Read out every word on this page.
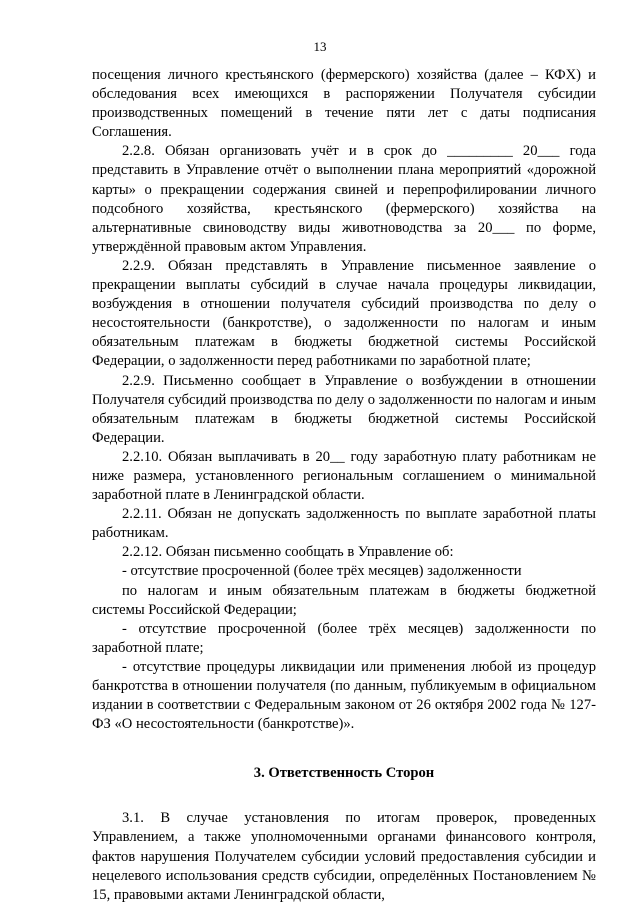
13

посещения личного крестьянского (фермерского) хозяйства (далее – КФХ) и обследования всех имеющихся в распоряжении Получателя субсидии производственных помещений в течение пяти лет с даты подписания Соглашения.

2.2.8. Обязан организовать учёт и в срок до _________ 20___ года представить в Управление отчёт о выполнении плана мероприятий «дорожной карты» о прекращении содержания свиней и перепрофилировании личного подсобного хозяйства, крестьянского (фермерского) хозяйства на альтернативные свиноводству виды животноводства за 20___ по форме, утверждённой правовым актом Управления.

2.2.9. Обязан представлять в Управление письменное заявление о прекращении выплаты субсидий в случае начала процедуры ликвидации, возбуждения в отношении получателя субсидий производства по делу о несостоятельности (банкротстве), о задолженности по налогам и иным обязательным платежам в бюджеты бюджетной системы Российской Федерации, о задолженности перед работниками по заработной плате;

2.2.9. Письменно сообщает в Управление о возбуждении в отношении Получателя субсидий производства по делу о задолженности по налогам и иным обязательным платежам в бюджеты бюджетной системы Российской Федерации.

2.2.10. Обязан выплачивать в 20__ году заработную плату работникам не ниже размера, установленного региональным соглашением о минимальной заработной плате в Ленинградской области.

2.2.11. Обязан не допускать задолженность по выплате заработной платы работникам.

2.2.12. Обязан письменно сообщать в Управление об:

- отсутствие просроченной (более трёх месяцев) задолженности

по налогам и иным обязательным платежам в бюджеты бюджетной системы Российской Федерации;

- отсутствие просроченной (более трёх месяцев) задолженности по заработной плате;

- отсутствие процедуры ликвидации или применения любой из процедур банкротства в отношении получателя (по данным, публикуемым в официальном издании в соответствии с Федеральным законом от 26 октября 2002 года № 127-ФЗ «О несостоятельности (банкротстве)».

3. Ответственность Сторон

3.1. В случае установления по итогам проверок, проведенных Управлением, а также уполномоченными органами финансового контроля, фактов нарушения Получателем субсидии условий предоставления субсидии и нецелевого использования средств субсидии, определённых Постановлением № 15, правовыми актами Ленинградской области,
